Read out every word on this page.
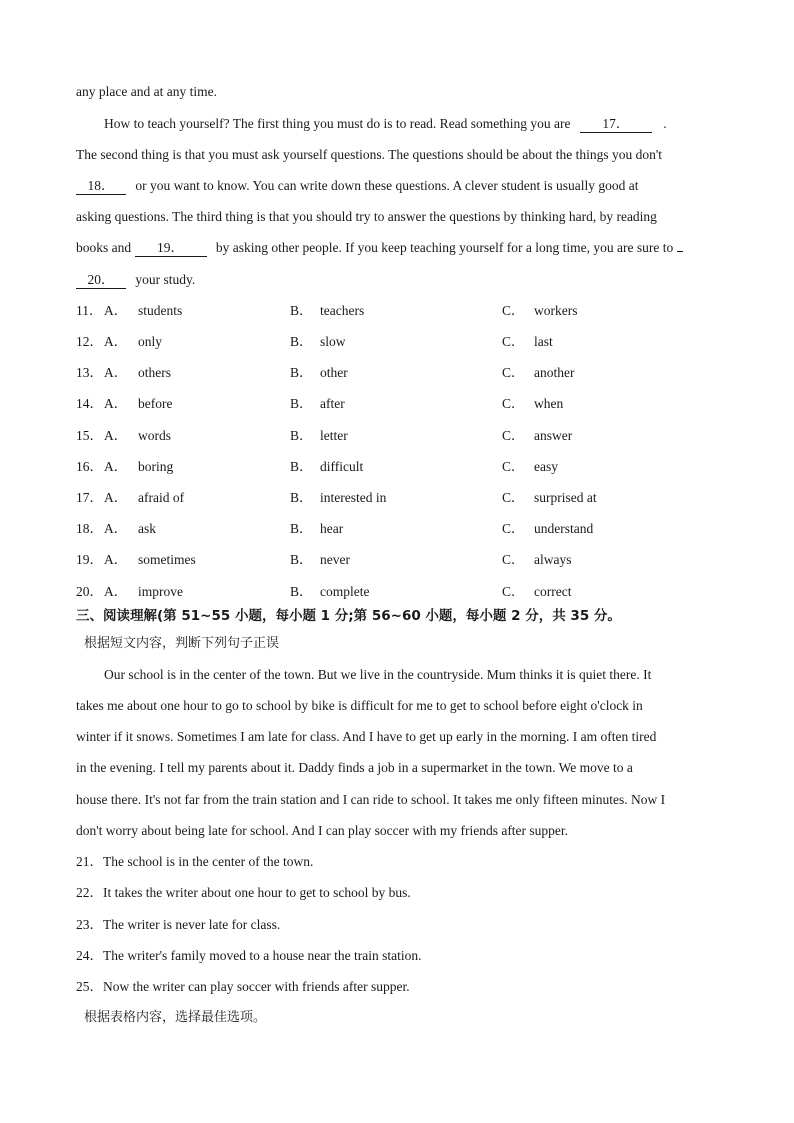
any place and at any time.
How to teach yourself? The first thing you must do is to read. Read something you are 17．	.
The second thing is that you must ask yourself questions. The questions should be about the things you don't
18． or you want to know. You can write down these questions. A clever student is usually good at
asking questions. The third thing is that you should try to answer the questions by thinking hard, by reading
books and 19． by asking other people. If you keep teaching yourself for a long time, you are sure to
20． your study.
11． A． students	B． teachers	C． workers
12． A． only	B． slow	C． last
13． A． others	B． other	C． another
14． A． before	B． after	C． when
15． A． words	B． letter	C． answer
16． A． boring	B． difficult	C． easy
17． A． afraid of	B． interested in	C． surprised at
18． A． ask	B． hear	C． understand
19． A． sometimes	B． never	C． always
20． A． improve	B． complete	C． correct
三、阅读理解(第 51~55 小题，每小题 1 分;第 56~60 小题，每小题 2 分，共 35 分。
根据短文内容，判断下列句子正误
Our school is in the center of the town. But we live in the countryside. Mum thinks it is quiet there. It
takes me about one hour to go to school by bike is difficult for me to get to school before eight o'clock in
winter if it snows. Sometimes I am late for class. And I have to get up early in the morning. I am often tired
in the evening. I tell my parents about it. Daddy finds a job in a supermarket in the town. We move to a
house there. It's not far from the train station and I can ride to school. It takes me only fifteen minutes. Now I
don't worry about being late for school. And I can play soccer with my friends after supper.
21．The school is in the center of the town.
22．It takes the writer about one hour to get to school by bus.
23．The writer is never late for class.
24．The writer's family moved to a house near the train station.
25．Now the writer can play soccer with friends after supper.
根据表格内容，选择最佳选项。
